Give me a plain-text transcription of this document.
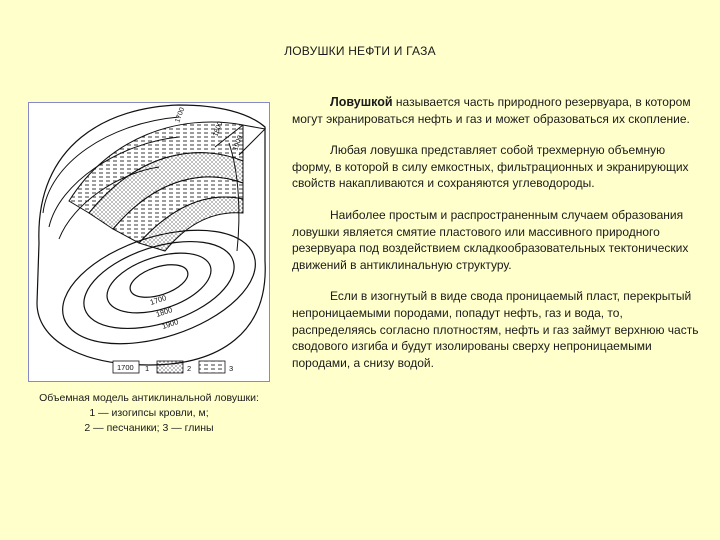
ЛОВУШКИ НЕФТИ И ГАЗА
1700
1800
1900
1700
1800
1900
1700 1	2	3
Объемная модель антиклинальной ловушки:
1 — изогипсы кровли, м;
2 — песчаники; 3 — глины

Ловушкой называется часть природного резервуара, в котором могут экранироваться нефть и газ и может образоваться их скопление.

Любая ловушка представляет собой трехмерную объемную форму, в которой в силу емкостных, фильтрационных и экранирующих свойств накапливаются и сохраняются углеводороды.

Наиболее простым и распространенным случаем образования ловушки является смятие пластового или массивного природного резервуара под воздействием складкообразовательных тектонических движений в антиклинальную структуру.

Если в изогнутый в виде свода проницаемый пласт, перекрытый непроницаемыми породами, попадут нефть, газ и вода, то, распределяясь согласно плотностям, нефть и газ займут верхнюю часть сводового изгиба и будут изолированы сверху непроницаемыми породами, а снизу водой.
